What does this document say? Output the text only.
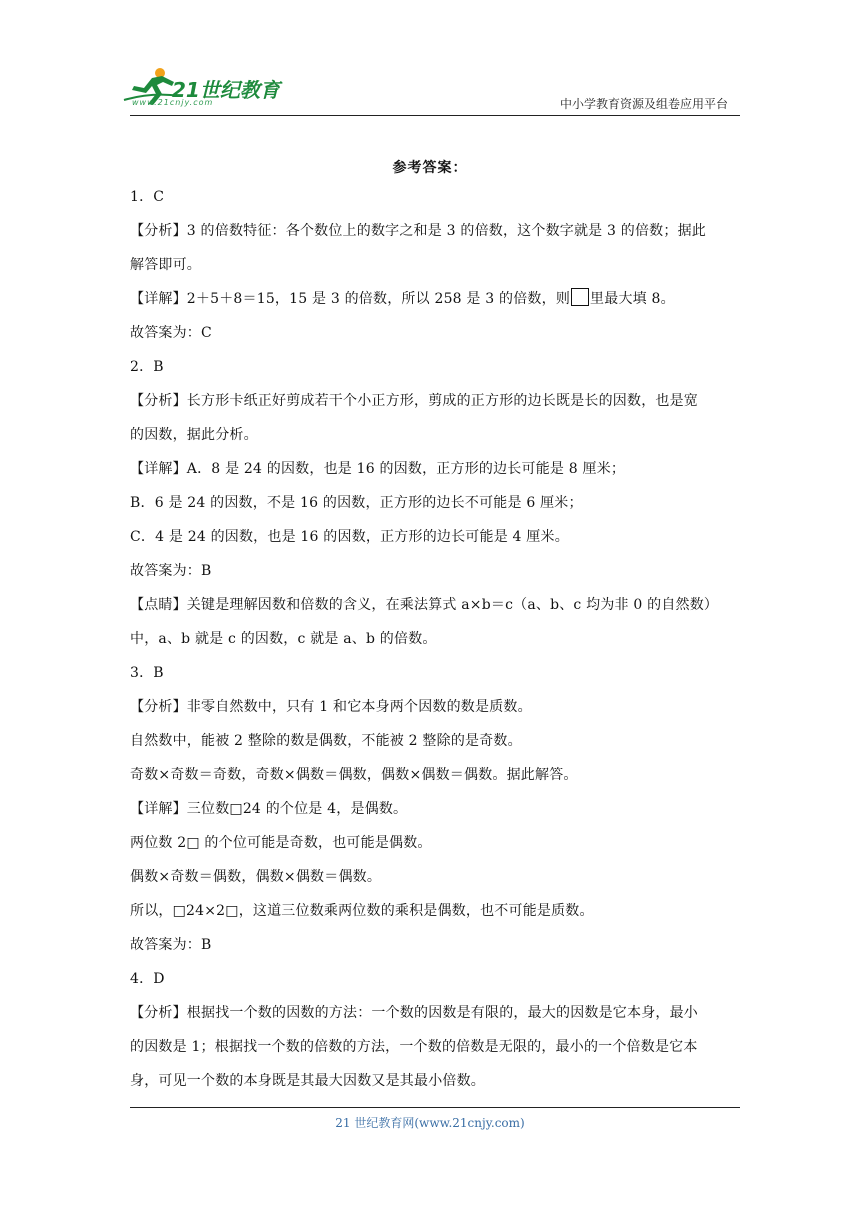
21世纪教育
www.21cnjy.com	中小学教育资源及组卷应用平台
参考答案：
1．C
【分析】3 的倍数特征：各个数位上的数字之和是 3 的倍数，这个数字就是 3 的倍数；据此
解答即可。
【详解】2＋5＋8＝15，15 是 3 的倍数，所以 258 是 3 的倍数，则 里最大填 8。
故答案为：C
2．B
【分析】长方形卡纸正好剪成若干个小正方形，剪成的正方形的边长既是长的因数，也是宽
的因数，据此分析。
【详解】A．8 是 24 的因数，也是 16 的因数，正方形的边长可能是 8 厘米；
B．6 是 24 的因数，不是 16 的因数，正方形的边长不可能是 6 厘米；
C．4 是 24 的因数，也是 16 的因数，正方形的边长可能是 4 厘米。
故答案为：B
【点睛】关键是理解因数和倍数的含义，在乘法算式 a×b＝c（a、b、c 均为非 0 的自然数）
中，a、b 就是 c 的因数，c 就是 a、b 的倍数。
3．B
【分析】非零自然数中，只有 1 和它本身两个因数的数是质数。
自然数中，能被 2 整除的数是偶数，不能被 2 整除的是奇数。
奇数×奇数＝奇数，奇数×偶数＝偶数，偶数×偶数＝偶数。据此解答。
【详解】三位数□24 的个位是 4，是偶数。
两位数 2□ 的个位可能是奇数，也可能是偶数。
偶数×奇数＝偶数，偶数×偶数＝偶数。
所以，□24×2□，这道三位数乘两位数的乘积是偶数，也不可能是质数。
故答案为：B
4．D
【分析】根据找一个数的因数的方法：一个数的因数是有限的，最大的因数是它本身，最小
的因数是 1；根据找一个数的倍数的方法，一个数的倍数是无限的，最小的一个倍数是它本
身，可见一个数的本身既是其最大因数又是其最小倍数。
21 世纪教育网(www.21cnjy.com)
